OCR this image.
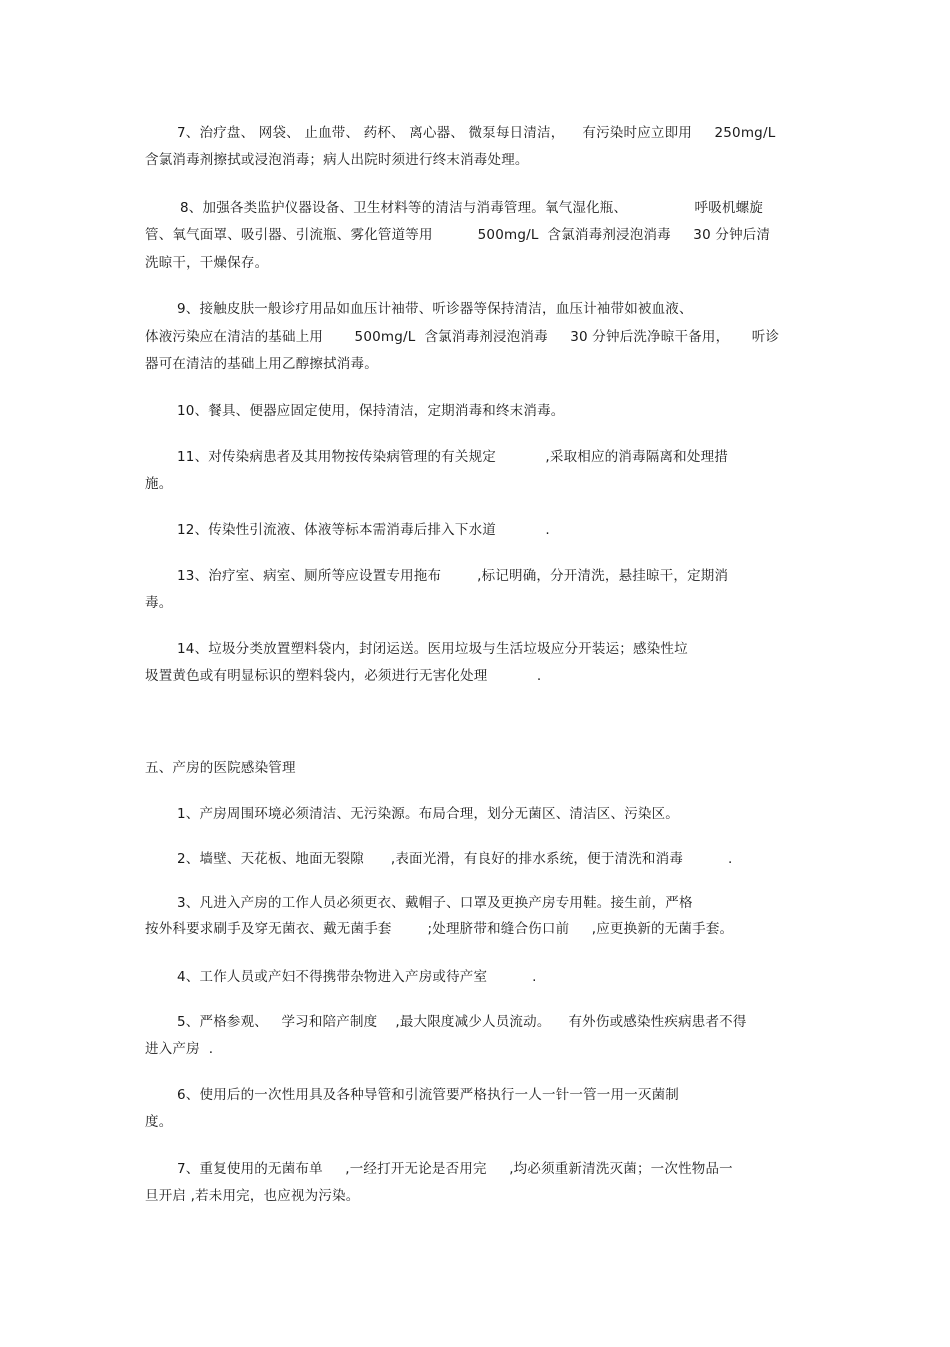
7、治疗盘、 网袋、 止血带、 药杯、 离心器、 微泵每日清洁，    有污染时应立即用     250mg/L
含氯消毒剂擦拭或浸泡消毒；病人出院时须进行终末消毒处理。
8、加强各类监护仪器设备、卫生材料等的清洁与消毒管理。氧气湿化瓶、               呼吸机螺旋
管、氧气面罩、吸引器、引流瓶、雾化管道等用          500mg/L  含氯消毒剂浸泡消毒     30 分钟后清
洗晾干，干燥保存。
9、接触皮肤一般诊疗用品如血压计袖带、听诊器等保持清洁，血压计袖带如被血液、
体液污染应在清洁的基础上用       500mg/L  含氯消毒剂浸泡消毒     30 分钟后洗净晾干备用，     听诊
器可在清洁的基础上用乙醇擦拭消毒。
10、餐具、便器应固定使用，保持清洁，定期消毒和终末消毒。
11、对传染病患者及其用物按传染病管理的有关规定           ,采取相应的消毒隔离和处理措
施。
12、传染性引流液、体液等标本需消毒后排入下水道           .
13、治疗室、病室、厕所等应设置专用拖布        ,标记明确，分开清洗，悬挂晾干，定期消
毒。
14、垃圾分类放置塑料袋内，封闭运送。医用垃圾与生活垃圾应分开装运；感染性垃
圾置黄色或有明显标识的塑料袋内，必须进行无害化处理           .
五、产房的医院感染管理
1、产房周围环境必须清洁、无污染源。布局合理，划分无菌区、清洁区、污染区。
2、墙壁、天花板、地面无裂隙      ,表面光滑，有良好的排水系统，便于清洗和消毒          .
3、凡进入产房的工作人员必须更衣、戴帽子、口罩及更换产房专用鞋。接生前，严格
按外科要求刷手及穿无菌衣、戴无菌手套        ;处理脐带和缝合伤口前     ,应更换新的无菌手套。
4、工作人员或产妇不得携带杂物进入产房或待产室          .
5、严格参观、   学习和陪产制度    ,最大限度减少人员流动。    有外伤或感染性疾病患者不得
进入产房  .
6、使用后的一次性用具及各种导管和引流管要严格执行一人一针一管一用一灭菌制
度。
7、重复使用的无菌布单     ,一经打开无论是否用完     ,均必须重新清洗灭菌；一次性物品一
旦开启 ,若未用完，也应视为污染。
